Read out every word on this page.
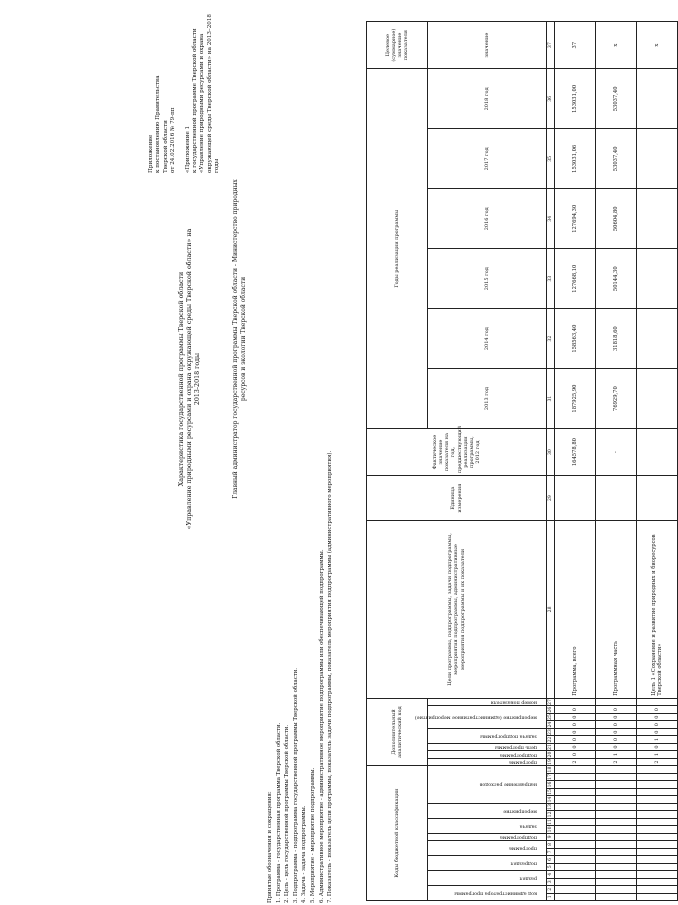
Приложение к постановлению Правительства Тверской области от 24.02.2016 № 79-пп «Приложение 1 к государственной программе Тверской области «Управление природными ресурсами и охрана окружающей среды Тверской области» на 2013–2018 годы
Характеристика государственной программы Тверской области «Управление природными ресурсами и охрана окружающей среды Тверской области» на 2013-2018 годы	Главный администратор государственной программы Тверской области - Министерство природных ресурсов и экологии Тверской области
Принятые обозначения и сокращения: 1. Программа - государственная программа Тверской области. 2. Цель - цель государственной программы Тверской области. 3. Подпрограмма - подпрограмма государственной программы Тверской области. 4. Задача - задача подпрограммы. 5. Мероприятие - мероприятие подпрограммы. 6. Административное мероприятие - административное мероприятие подпрограммы или обеспечивающей подпрограммы. 7. Показатель - показатель цели программы, показатель задачи подпрограммы, показатель мероприятия подпрограммы (административного мероприятия).	Коды бюджетной классификации																		Дополнительный аналитический код									Цели программы, подпрограммы, задачи подпрограммы, мероприятия подпрограммы, административные мероприятия подпрограммы и их показатели	Единица измерения	Фактическое значение показателя на год, предшествующий реализации программы, 2012 год	Годы реализации программы						Целевое (суммарное) значение показателя

код администратора программы		раздел		подраздел		программа		подпрограмма	задача		мероприятие		направление расходов					программа	подпрограмма	цель программы	задача подпрограммы		мероприятие (административное мероприятие)			номер показателя				2013 год	2014 год	2015 год	2016 год	2017 год	2018 год	значение
1	2	3	4	5	6	7	8	9	10	11	12	13	14	15	16	17	18	19	20	21	22	23	24	25	26	27	28	29	30	31	32	33	34	35	36	37
																		2	0	0	0	0	0	0	0		Программа, всего		164578,80	187925,90	158563,40	127668,10	127694,30	153031,06	153031,00	37
																		2	1	0	0	0	0	0	0		Программная часть		-	76929,70	31818,60	50144,30	50604,80	53037,40	53037,40	х
																		2	1	0	1	0	0	0	0		Цель 1 «Сохранение и развитие природных и биоресурсов Тверской области»									х
